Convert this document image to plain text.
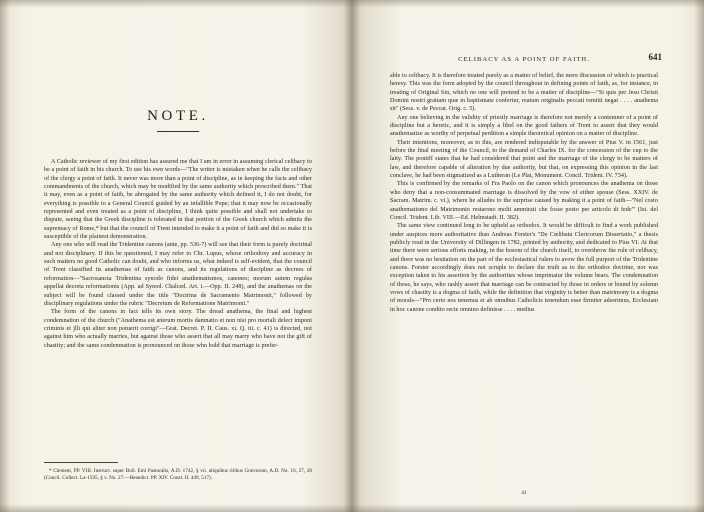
NOTE.

A Catholic reviewer of my first edition has assured me that I am in error in assuming clerical celibacy to be a point of faith in his church. To use his own words—"The writer is mistaken when he calls the celibacy of the clergy a point of faith. It never was more than a point of discipline, as in keeping the facts and other commandments of the church, which may be modified by the same authority which prescribed them." That it may, even as a point of faith, be abrogated by the same authority which defined it, I do not doubt, for everything is possible to a General Council guided by an infallible Pope; that it may now be occasionally represented and even treated as a point of discipline, I think quite possible and shall not undertake to dispute, seeing that the Greek discipline is tolerated in that portion of the Greek church which admits the supremacy of Rome,* but that the council of Trent intended to make it a point of faith and did so make it is susceptible of the plainest demonstration.

Any one who will read the Tridentine canons (ante, pp. 536-7) will see that their form is purely doctrinal and not disciplinary. If this be questioned, I may refer to Chr. Lupus, whose orthodoxy and accuracy in such matters no good Catholic can doubt, and who informs us, what indeed is self-evident, that the council of Trent classified its anathemas of faith as canons, and its regulations of discipline as decrees of reformation—"Sacrosancta Tridentina synodo fidei anathematismos, canones; morum autem regulas appellat decreta reformationis (App. ad Synod. Chalced. Art. i.—Opp. II. 248), and the anathemas on the subject will be found classed under the title "Doctrina de Sacramento Matrimonii," followed by disciplinary regulations under the rubric "Decretum de Reformatione Matrimonii."

The form of the canons in fact tells its own story. The dread anathema, the final and highest condemnation of the church ("Anathema est æterum mortis damnatio et non nisi pro mortali delect imponi criminis et jlli qui aliter non potuerit corrigi"—Grat. Decret. P. II. Caus. xi. Q. iii. c. 41) is directed, not against him who actually marries, but against those who assert that all may marry who have not the gift of chastity; and the same condemnation is pronounced on those who hold that marriage is prefer-

* Clement, PP. VIII. Instruct. super Bull. Eml Pastoralis, A.D. 1742, § vii. aliquibus ritibus Græcorum, A.D. No. 16, 27, 28 (Concil. Collect. La-1595, § v. No. 27.—Benedict. PP. XIV. Const. II. 449, 517).

CELIBACY AS A POINT OF FAITH.	641

able to celibacy. It is therefore treated purely as a matter of belief, the mere discussion of which is practical heresy. This was the form adopted by the council throughout in defining points of faith, as, for instance, in treating of Original Sin, which no one will pretend to be a matter of discipline—"Si quis per Jesu Christi Domini nostri gratiam quæ in baptismate confertur, reatum originalis peccati remitti negat . . . . anathema sit" (Sess. v. de Peccat. Orig. c. 5).

Any one believing in the validity of priestly marriage is therefore not merely a contemner of a point of discipline but a heretic, and it is simply a libel on the good fathers of Trent to assert that they would anathematize as worthy of perpetual perdition a simple theoretical opinion on a matter of discipline.

Their intentions, moreover, as to this, are rendered indisputable by the answer of Pius V. in 1561, just before the final meeting of the Council, to the demand of Charles IX. for the concession of the cup to the laity. The pontiff states that he had considered that point and the marriage of the clergy to be matters of law, and therefore capable of alteration by due authority, but that, on expressing this opinion in the last conclave, he had been stigmatized as a Lutheran (Le Plat, Monument. Concil. Trident. IV. 734).

This is confirmed by the remarks of Fra Paolo on the canon which pronounces the anathema on those who deny that a non-consummated marriage is dissolved by the vow of either spouse (Sess. XXIV. de Sacram. Matrim. c. vi.), where he alludes to the surprise caused by making it a point of faith—"Nel costo anathematismo del Matrimonio restarono molti ammirati che fosse posto per articolo di fede"' (Ist. del Concil. Trident. Lib. VIII.—Ed. Helmstadt. II. 382).

The same view continued long to be upheld as orthodox. It would be difficult to find a work published under auspices more authoritative than Andreas Forster's "De Cœlibatu Clericorum Dissertatio," a thesis publicly read in the University of Dillingen in 1782, printed by authority, and dedicated to Pius VI. At that time there were serious efforts making, in the bosom of the church itself, to overthrow the rule of celibacy, and there was no hesitation on the part of the ecclesiastical rulers to avow the full purport of the Tridentine canons. Forster accordingly does not scruple to declare the truth as to the orthodox doctrine, nor was exception taken to his assertion by the authorities whose imprimatur the volume bears. The condemnation of those, he says, who rashly assert that marriage can be contracted by those in orders or bound by solemn vows of chastity is a dogma of faith, while the definition that virginity is better than matrimony is a dogma of morals—"Pro certo nos tenemus et ab omnibus Catholicis tenendum esse firmiter adserimus, Ecclesiam in hoc canone condito recte omnino definisse . . . . medius

41
